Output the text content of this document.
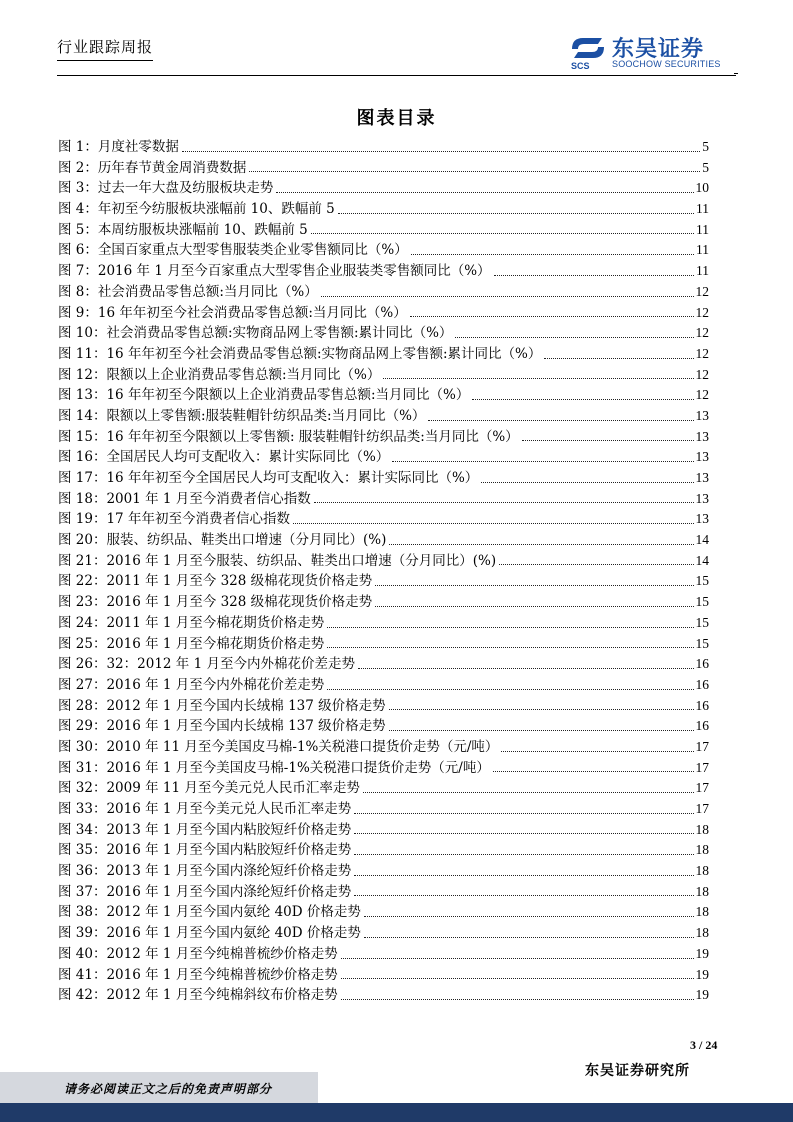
行业跟踪周报
SCS
东吴证券
SOOCHOW SECURITIES
图表目录
图 1：月度社零数据	5
图 2：历年春节黄金周消费数据	5
图 3：过去一年大盘及纺服板块走势	10
图 4：年初至今纺服板块涨幅前 10、跌幅前 5	11
图 5：本周纺服板块涨幅前 10、跌幅前 5	11
图 6：全国百家重点大型零售服装类企业零售额同比（%）	11
图 7：2016 年 1 月至今百家重点大型零售企业服装类零售额同比（%）	11
图 8：社会消费品零售总额:当月同比（%）	12
图 9：16 年年初至今社会消费品零售总额:当月同比（%）	12
图 10：社会消费品零售总额:实物商品网上零售额:累计同比（%）	12
图 11：16 年年初至今社会消费品零售总额:实物商品网上零售额:累计同比（%）	12
图 12：限额以上企业消费品零售总额:当月同比（%）	12
图 13：16 年年初至今限额以上企业消费品零售总额:当月同比（%）	12
图 14：限额以上零售额:服装鞋帽针纺织品类:当月同比（%）	13
图 15：16 年年初至今限额以上零售额: 服装鞋帽针纺织品类:当月同比（%）	13
图 16：全国居民人均可支配收入：累计实际同比（%）	13
图 17：16 年年初至今全国居民人均可支配收入：累计实际同比（%）	13
图 18：2001 年 1 月至今消费者信心指数	13
图 19：17 年年初至今消费者信心指数	13
图 20：服装、纺织品、鞋类出口增速（分月同比）(%)	14
图 21：2016 年 1 月至今服装、纺织品、鞋类出口增速（分月同比）(%)	14
图 22：2011 年 1 月至今 328 级棉花现货价格走势	15
图 23：2016 年 1 月至今 328 级棉花现货价格走势	15
图 24：2011 年 1 月至今棉花期货价格走势	15
图 25：2016 年 1 月至今棉花期货价格走势	15
图 26：32：2012 年 1 月至今内外棉花价差走势	16
图 27：2016 年 1 月至今内外棉花价差走势	16
图 28：2012 年 1 月至今国内长绒棉 137 级价格走势	16
图 29：2016 年 1 月至今国内长绒棉 137 级价格走势	16
图 30：2010 年 11 月至今美国皮马棉-1%关税港口提货价走势（元/吨）	17
图 31：2016 年 1 月至今美国皮马棉-1%关税港口提货价走势（元/吨）	17
图 32：2009 年 11 月至今美元兑人民币汇率走势	17
图 33：2016 年 1 月至今美元兑人民币汇率走势	17
图 34：2013 年 1 月至今国内粘胶短纤价格走势	18
图 35：2016 年 1 月至今国内粘胶短纤价格走势	18
图 36：2013 年 1 月至今国内涤纶短纤价格走势	18
图 37：2016 年 1 月至今国内涤纶短纤价格走势	18
图 38：2012 年 1 月至今国内氨纶 40D 价格走势	18
图 39：2016 年 1 月至今国内氨纶 40D 价格走势	18
图 40：2012 年 1 月至今纯棉普梳纱价格走势	19
图 41：2016 年 1 月至今纯棉普梳纱价格走势	19
图 42：2012 年 1 月至今纯棉斜纹布价格走势	19
3 / 24
东吴证券研究所
请务必阅读正文之后的免责声明部分
